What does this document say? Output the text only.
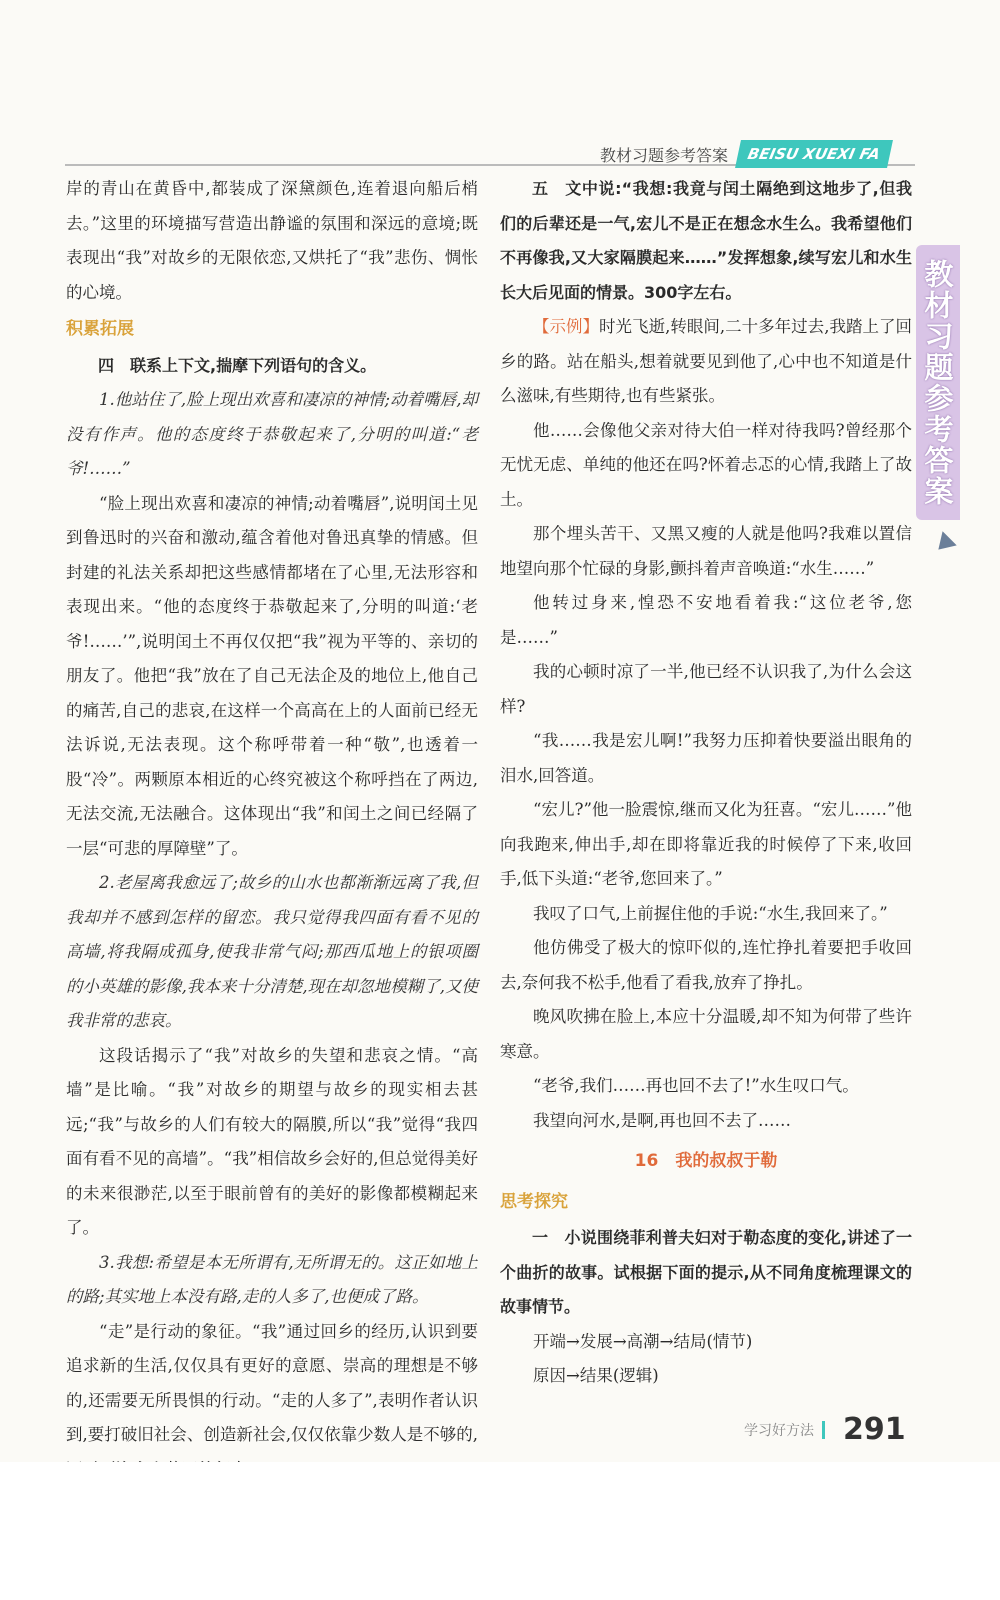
教材习题参考答案	BEISU XUEXI FA

岸的青山在黄昏中,都装成了深黛颜色,连着退向船后梢去。”这里的环境描写营造出静谧的氛围和深远的意境;既表现出“我”对故乡的无限依恋,又烘托了“我”悲伤、惆怅的心境。

积累拓展

四　联系上下文,揣摩下列语句的含义。

1.他站住了,脸上现出欢喜和凄凉的神情;动着嘴唇,却没有作声。他的态度终于恭敬起来了,分明的叫道:“老爷!……”

“脸上现出欢喜和凄凉的神情;动着嘴唇”,说明闰土见到鲁迅时的兴奋和激动,蕴含着他对鲁迅真挚的情感。但封建的礼法关系却把这些感情都堵在了心里,无法形容和表现出来。“他的态度终于恭敬起来了,分明的叫道:‘老爷!……’”,说明闰土不再仅仅把“我”视为平等的、亲切的朋友了。他把“我”放在了自己无法企及的地位上,他自己的痛苦,自己的悲哀,在这样一个高高在上的人面前已经无法诉说,无法表现。这个称呼带着一种“敬”,也透着一股“冷”。两颗原本相近的心终究被这个称呼挡在了两边,无法交流,无法融合。这体现出“我”和闰土之间已经隔了一层“可悲的厚障壁”了。

2.老屋离我愈远了;故乡的山水也都渐渐远离了我,但我却并不感到怎样的留恋。我只觉得我四面有看不见的高墙,将我隔成孤身,使我非常气闷;那西瓜地上的银项圈的小英雄的影像,我本来十分清楚,现在却忽地模糊了,又使我非常的悲哀。

这段话揭示了“我”对故乡的失望和悲哀之情。“高墙”是比喻。“我”对故乡的期望与故乡的现实相去甚远;“我”与故乡的人们有较大的隔膜,所以“我”觉得“我四面有看不见的高墙”。“我”相信故乡会好的,但总觉得美好的未来很渺茫,以至于眼前曾有的美好的影像都模糊起来了。

3.我想:希望是本无所谓有,无所谓无的。这正如地上的路;其实地上本没有路,走的人多了,也便成了路。

“走”是行动的象征。“我”通过回乡的经历,认识到要追求新的生活,仅仅具有更好的意愿、崇高的理想是不够的,还需要无所畏惧的行动。“走的人多了”,表明作者认识到,要打破旧社会、创造新社会,仅仅依靠少数人是不够的,

五　文中说:“我想:我竟与闰土隔绝到这地步了,但我们的后辈还是一气,宏儿不是正在想念水生么。我希望他们不再像我,又大家隔膜起来……”发挥想象,续写宏儿和水生长大后见面的情景。300字左右。

【示例】时光飞逝,转眼间,二十多年过去,我踏上了回乡的路。站在船头,想着就要见到他了,心中也不知道是什么滋味,有些期待,也有些紧张。

他……会像他父亲对待大伯一样对待我吗?曾经那个无忧无虑、单纯的他还在吗?怀着忐忑的心情,我踏上了故土。

那个埋头苦干、又黑又瘦的人就是他吗?我难以置信地望向那个忙碌的身影,颤抖着声音唤道:“水生……”

他转过身来,惶恐不安地看着我:“这位老爷,您是……”

我的心顿时凉了一半,他已经不认识我了,为什么会这样?

“我……我是宏儿啊!”我努力压抑着快要溢出眼角的泪水,回答道。

“宏儿?”他一脸震惊,继而又化为狂喜。“宏儿……”他向我跑来,伸出手,却在即将靠近我的时候停了下来,收回手,低下头道:“老爷,您回来了。”

我叹了口气,上前握住他的手说:“水生,我回来了。”

他仿佛受了极大的惊吓似的,连忙挣扎着要把手收回去,奈何我不松手,他看了看我,放弃了挣扎。

晚风吹拂在脸上,本应十分温暖,却不知为何带了些许寒意。

“老爷,我们……再也回不去了!”水生叹口气。

我望向河水,是啊,再也回不去了……

16　我的叔叔于勒

思考探究

一　小说围绕菲利普夫妇对于勒态度的变化,讲述了一个曲折的故事。试根据下面的提示,从不同角度梳理课文的故事情节。

开端→发展→高潮→结局(情节)

原因→结果(逻辑)

教材习题参考答案
学习好方法 291
